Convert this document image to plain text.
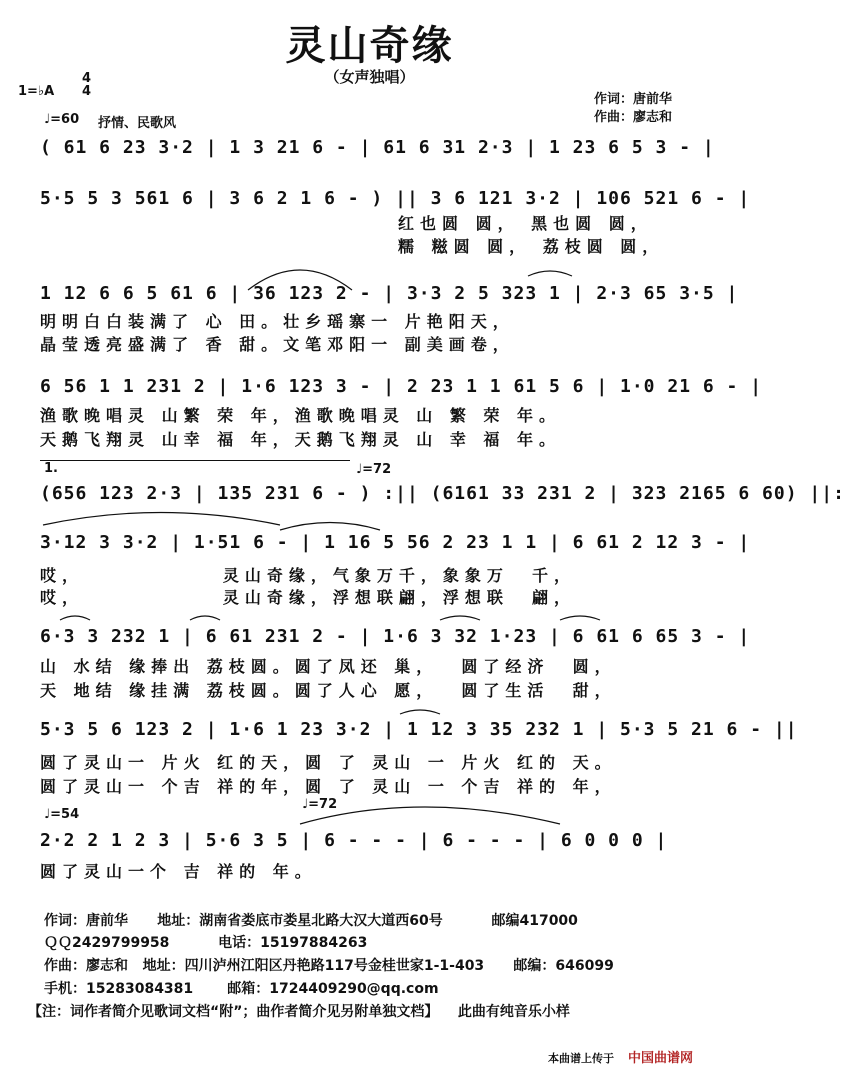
灵山奇缘
（女声独唱）
1=♭A
4
4
♩=60 抒情、民歌风
作词：唐前华
作曲：廖志和
( 61 6 23 3·2 | 1 3 21 6 - | 61 6 31 2·3 | 1 23 6 5 3 - |
5·5 5 3 561 6 | 3 6 2 1 6 - ) || 3 6 121 3·2 | 106 521 6 - |
红也圆 圆， 黑也圆 圆，
糯 糍圆 圆， 荔枝圆 圆，
1 12 6 6 5 61 6 | 36 123 2 - | 3·3 2 5 323 1 | 2·3 65 3·5 |
明明白白装满了 心 田。壮乡瑶寨一 片艳阳天，
晶莹透亮盛满了 香 甜。文笔邓阳一 副美画卷，
6 56 1 1 231 2 | 1·6 123 3 - | 2 23 1 1 61 5 6 | 1·0 21 6 - |
渔歌晚唱灵 山繁 荣 年，渔歌晚唱灵 山 繁 荣 年。
天鹅飞翔灵 山幸 福 年，天鹅飞翔灵 山 幸 福 年。
1.	♩=72
(656 123 2·3 | 135 231 6 - ) :|| (6161 33 231 2 | 323 2165 6 60) ||:
3·12 3 3·2 | 1·51 6 - | 1 16 5 56 2 23 1 1 | 6 61 2 12 3 - |
哎，            灵山奇缘，气象万千，象象万  千，
哎，            灵山奇缘，浮想联翩，浮想联  翩，
6·3 3 232 1 | 6 61 231 2 - | 1·6 3 32 1·23 | 6 61 6 65 3 - |
山 水结 缘捧出 荔枝圆。圆了凤还 巢，  圆了经济  圆，
天 地结 缘挂满 荔枝圆。圆了人心 愿，  圆了生活  甜，
5·3 5 6 123 2 | 1·6 1 23 3·2 | 1 12 3 35 232 1 | 5·3 5 21 6 - ||
圆了灵山一 片火 红的天，圆 了 灵山 一 片火 红的 天。
圆了灵山一 个吉 祥的年，圆 了 灵山 一 个吉 祥的 年，
♩=54
♩=72
2·2 2 1 2 3 | 5·6 3 5 | 6 - - - | 6 - - - | 6 0 0 0 |
圆了灵山一个 吉 祥的 年。
作词：唐前华      地址：湖南省娄底市娄星北路大汉大道西60号          邮编417000
ＱＱ2429799958          电话：15197884263
作曲：廖志和   地址：四川泸州江阳区丹艳路117号金桂世家1-1-403      邮编：646099
手机：15283084381       邮箱：1724409290@qq.com
【注：词作者简介见歌词文档“附”；曲作者简介见另附单独文档】    此曲有纯音乐小样
本曲谱上传于 中国曲谱网
